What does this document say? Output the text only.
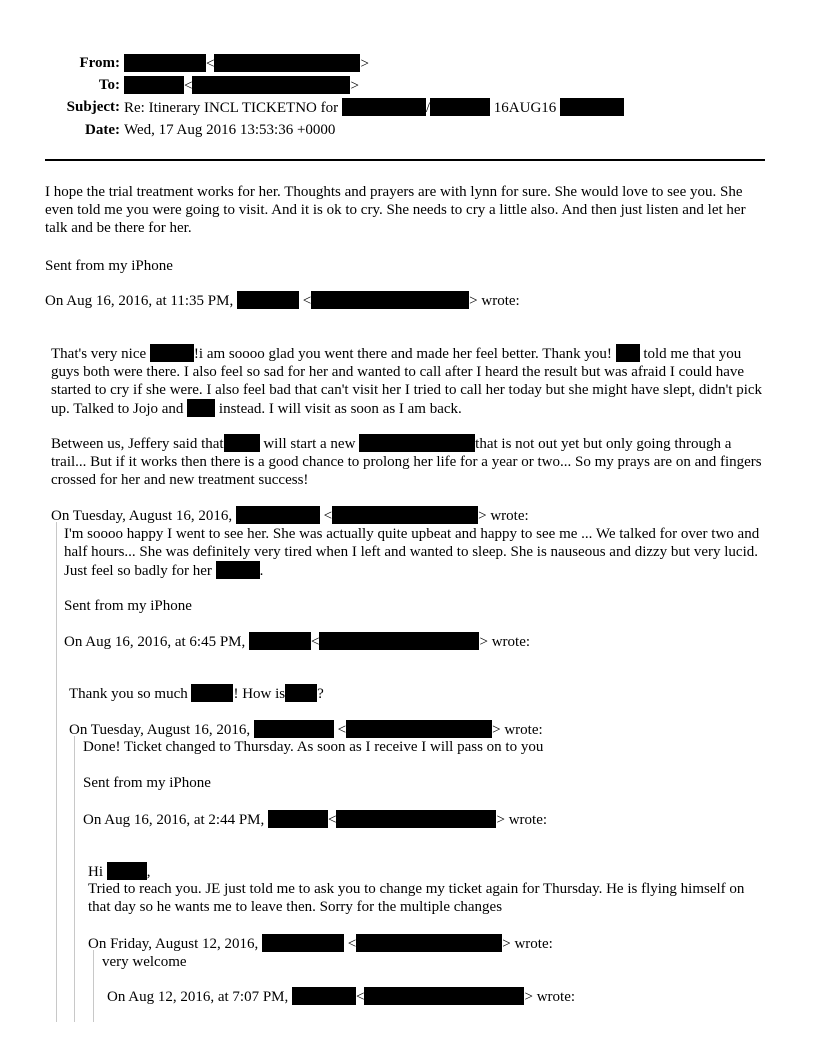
From:	<	>
To:	<	>
Subject: Re: Itinerary INCL TICKETNO for	/	16AUG16
Date: Wed, 17 Aug 2016 13:53:36 +0000

I hope the trial treatment works for her. Thoughts and prayers are with lynn for sure. She would love to see you. She even told me you were going to visit. And it is ok to cry. She needs to cry a little also. And then just listen and let her talk and be there for her.

Sent from my iPhone

On Aug 16, 2016, at 11:35 PM,	<	> wrote:

That's very nice	!i am soooo glad you went there and made her feel better. Thank you! told me that you guys both were there. I also feel so sad for her and wanted to call after I heard the result but was afraid I could have started to cry if she were. I also feel bad that can't visit her I tried to call her today but she might have slept, didn't pick up. Talked to Jojo and instead. I will visit as soon as I am back.

Between us, Jeffery said that	will start a new	that is not out yet but only going through a trail... But if it works then there is a good chance to prolong her life for a year or two... So my prays are on and fingers crossed for her and new treatment success!

On Tuesday, August 16, 2016,	<	> wrote:

I'm soooo happy I went to see her. She was actually quite upbeat and happy to see me ... We talked for over two and half hours... She was definitely very tired when I left and wanted to sleep. She is nauseous and dizzy but very lucid. Just feel so badly for her	.

Sent from my iPhone

On Aug 16, 2016, at 6:45 PM,	<	> wrote:
Thank you so much	! How is ?
On Tuesday, August 16, 2016,	<	> wrote:

Done! Ticket changed to Thursday. As soon as I receive I will pass on to you

Sent from my iPhone

On Aug 16, 2016, at 2:44 PM,	<	> wrote:
Hi	,

Tried to reach you. JE just told me to ask you to change my ticket again for Thursday. He is flying himself on that day so he wants me to leave then. Sorry for the multiple changes

On Friday, August 12, 2016,	<	> wrote:

very welcome

On Aug 12, 2016, at 7:07 PM,	<	> wrote:
